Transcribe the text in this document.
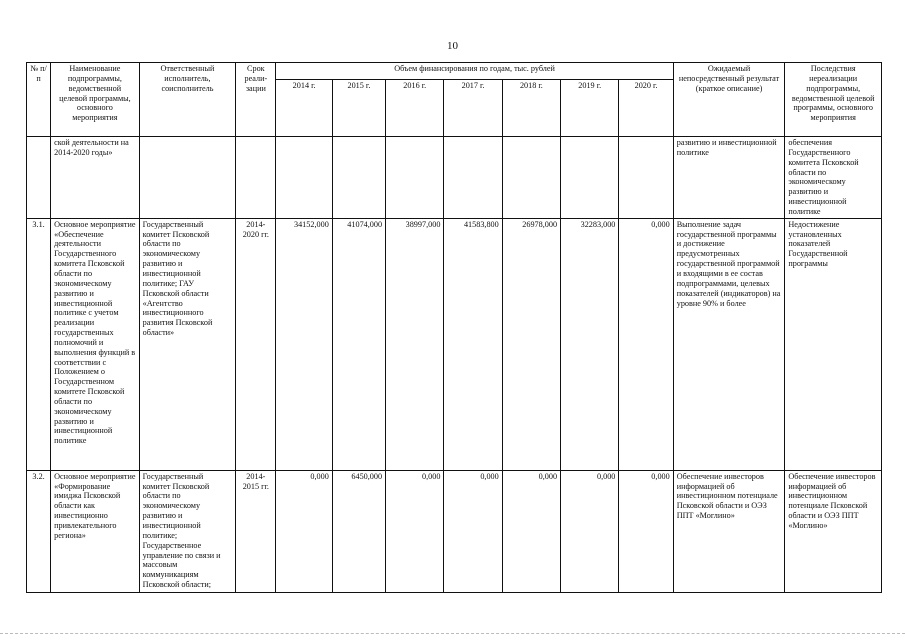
10
№ п/п	Наименование подпрограммы, ведомственной целевой программы, основного мероприятия	Ответственный исполнитель, соисполнитель	Срок реали-зации	Объем финансирования по годам, тыс. рублей							Ожидаемый непосредственный результат (краткое описание)	Последствия нереализации подпрограммы, ведомственной целевой программы, основного мероприятия
				2014 г.	2015 г.	2016 г.	2017 г.	2018 г.	2019 г.	2020 г.		
	ской деятельности на 2014-2020 годы»										развитию и инвестиционной политике	обеспечения Государственного комитета Псковской области по экономическому развитию и инвестиционной политике
3.1.	Основное мероприятие «Обеспечение деятельности Государственного комитета Псковской области по экономическому развитию и инвестиционной политике с учетом реализации государственных полномочий и выполнения функций в соответствии с Положением о Государственном комитете Псковской области по экономическому развитию и инвестиционной политике	Государственный комитет Псковской области по экономическому развитию и инвестиционной политике; ГАУ Псковской области «Агентство инвестиционного развития Псковской области»	2014-2020 гг.	34152,000	41074,000	38997,000	41583,800	26978,000	32283,000	0,000	Выполнение задач государственной программы и достижение предусмотренных государственной программой и входящими в ее состав подпрограммами, целевых показателей (индикаторов) на уровне 90% и более	Недостижение установленных показателей Государственной программы
3.2.	Основное мероприятие «Формирование имиджа Псковской области как инвестиционно привлекательного региона»	Государственный комитет Псковской области по экономическому развитию и инвестиционной политике; Государственное управление по связи и массовым коммуникациям Псковской области;	2014-2015 гг.	0,000	6450,000	0,000	0,000	0,000	0,000	0,000	Обеспечение инвесторов информацией об инвестиционном потенциале Псковской области и ОЭЗ ППТ «Моглино»	Обеспечение инвесторов информацией об инвестиционном потенциале Псковской области и ОЭЗ ППТ «Моглино»
